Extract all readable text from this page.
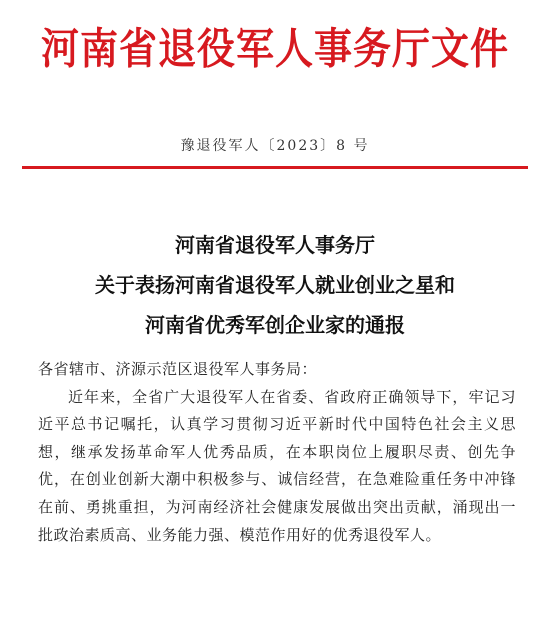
河南省退役军人事务厅文件
豫退役军人〔2023〕8 号
河南省退役军人事务厅
关于表扬河南省退役军人就业创业之星和
河南省优秀军创企业家的通报

各省辖市、济源示范区退役军人事务局：

近年来，全省广大退役军人在省委、省政府正确领导下，牢记习近平总书记嘱托，认真学习贯彻习近平新时代中国特色社会主义思想，继承发扬革命军人优秀品质，在本职岗位上履职尽责、创先争优，在创业创新大潮中积极参与、诚信经营，在急难险重任务中冲锋在前、勇挑重担，为河南经济社会健康发展做出突出贡献，涌现出一批政治素质高、业务能力强、模范作用好的优秀退役军人。
